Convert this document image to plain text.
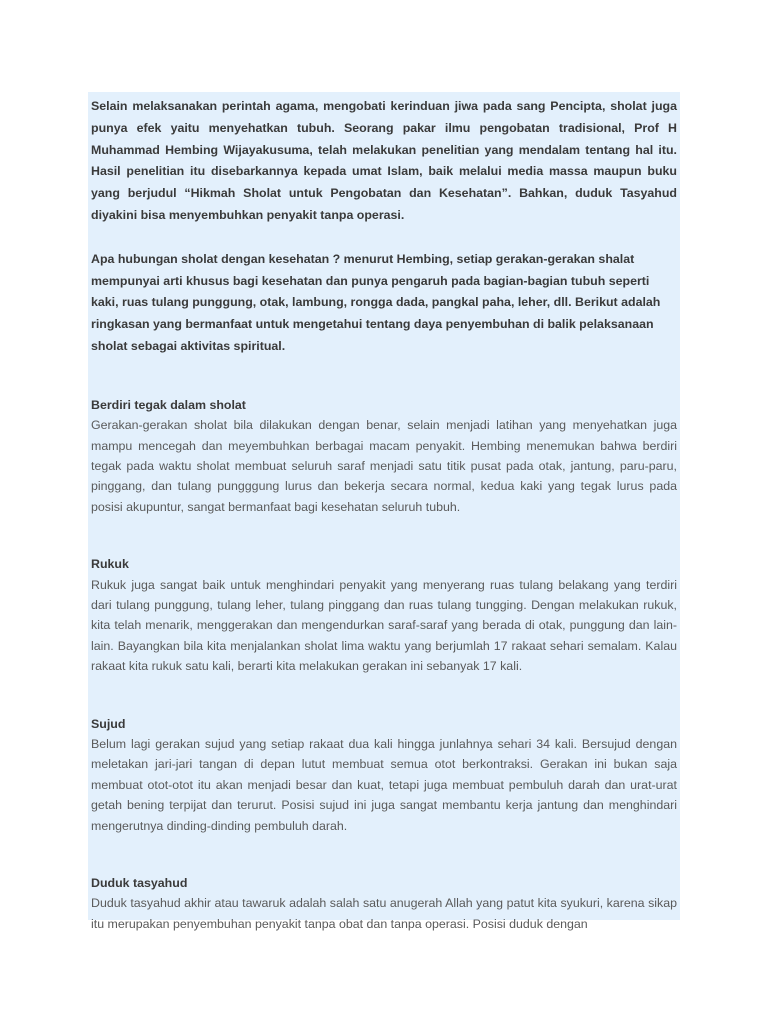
Selain melaksanakan perintah agama, mengobati kerinduan jiwa pada sang Pencipta, sholat juga punya efek yaitu menyehatkan tubuh. Seorang pakar ilmu pengobatan tradisional, Prof H Muhammad Hembing Wijayakusuma, telah melakukan penelitian yang mendalam tentang hal itu. Hasil penelitian itu disebarkannya kepada umat Islam, baik melalui media massa maupun buku yang berjudul “Hikmah Sholat untuk Pengobatan dan Kesehatan”. Bahkan, duduk Tasyahud diyakini bisa menyembuhkan penyakit tanpa operasi.

Apa hubungan sholat dengan kesehatan ? menurut Hembing, setiap gerakan-gerakan shalat mempunyai arti khusus bagi kesehatan dan punya pengaruh pada bagian-bagian tubuh seperti kaki, ruas tulang punggung, otak, lambung, rongga dada, pangkal paha, leher, dll. Berikut adalah ringkasan yang bermanfaat untuk mengetahui tentang daya penyembuhan di balik pelaksanaan sholat sebagai aktivitas spiritual.

Berdiri tegak dalam sholat

Gerakan-gerakan sholat bila dilakukan dengan benar, selain menjadi latihan yang menyehatkan juga mampu mencegah dan meyembuhkan berbagai macam penyakit. Hembing menemukan bahwa berdiri tegak pada waktu sholat membuat seluruh saraf menjadi satu titik pusat pada otak, jantung, paru-paru, pinggang, dan tulang pungggung lurus dan bekerja secara normal, kedua kaki yang tegak lurus pada posisi akupuntur, sangat bermanfaat bagi kesehatan seluruh tubuh.

Rukuk

Rukuk juga sangat baik untuk menghindari penyakit yang menyerang ruas tulang belakang yang terdiri dari tulang punggung, tulang leher, tulang pinggang dan ruas tulang tungging. Dengan melakukan rukuk, kita telah menarik, menggerakan dan mengendurkan saraf-saraf yang berada di otak, punggung dan lain-lain. Bayangkan bila kita menjalankan sholat lima waktu yang berjumlah 17 rakaat sehari semalam. Kalau rakaat kita rukuk satu kali, berarti kita melakukan gerakan ini sebanyak 17 kali.

Sujud

Belum lagi gerakan sujud yang setiap rakaat dua kali hingga junlahnya sehari 34 kali. Bersujud dengan meletakan jari-jari tangan di depan lutut membuat semua otot berkontraksi. Gerakan ini bukan saja membuat otot-otot itu akan menjadi besar dan kuat, tetapi juga membuat pembuluh darah dan urat-urat getah bening terpijat dan terurut. Posisi sujud ini juga sangat membantu kerja jantung dan menghindari mengerutnya dinding-dinding pembuluh darah.

Duduk tasyahud

Duduk tasyahud akhir atau tawaruk adalah salah satu anugerah Allah yang patut kita syukuri, karena sikap itu merupakan penyembuhan penyakit tanpa obat dan tanpa operasi. Posisi duduk dengan
